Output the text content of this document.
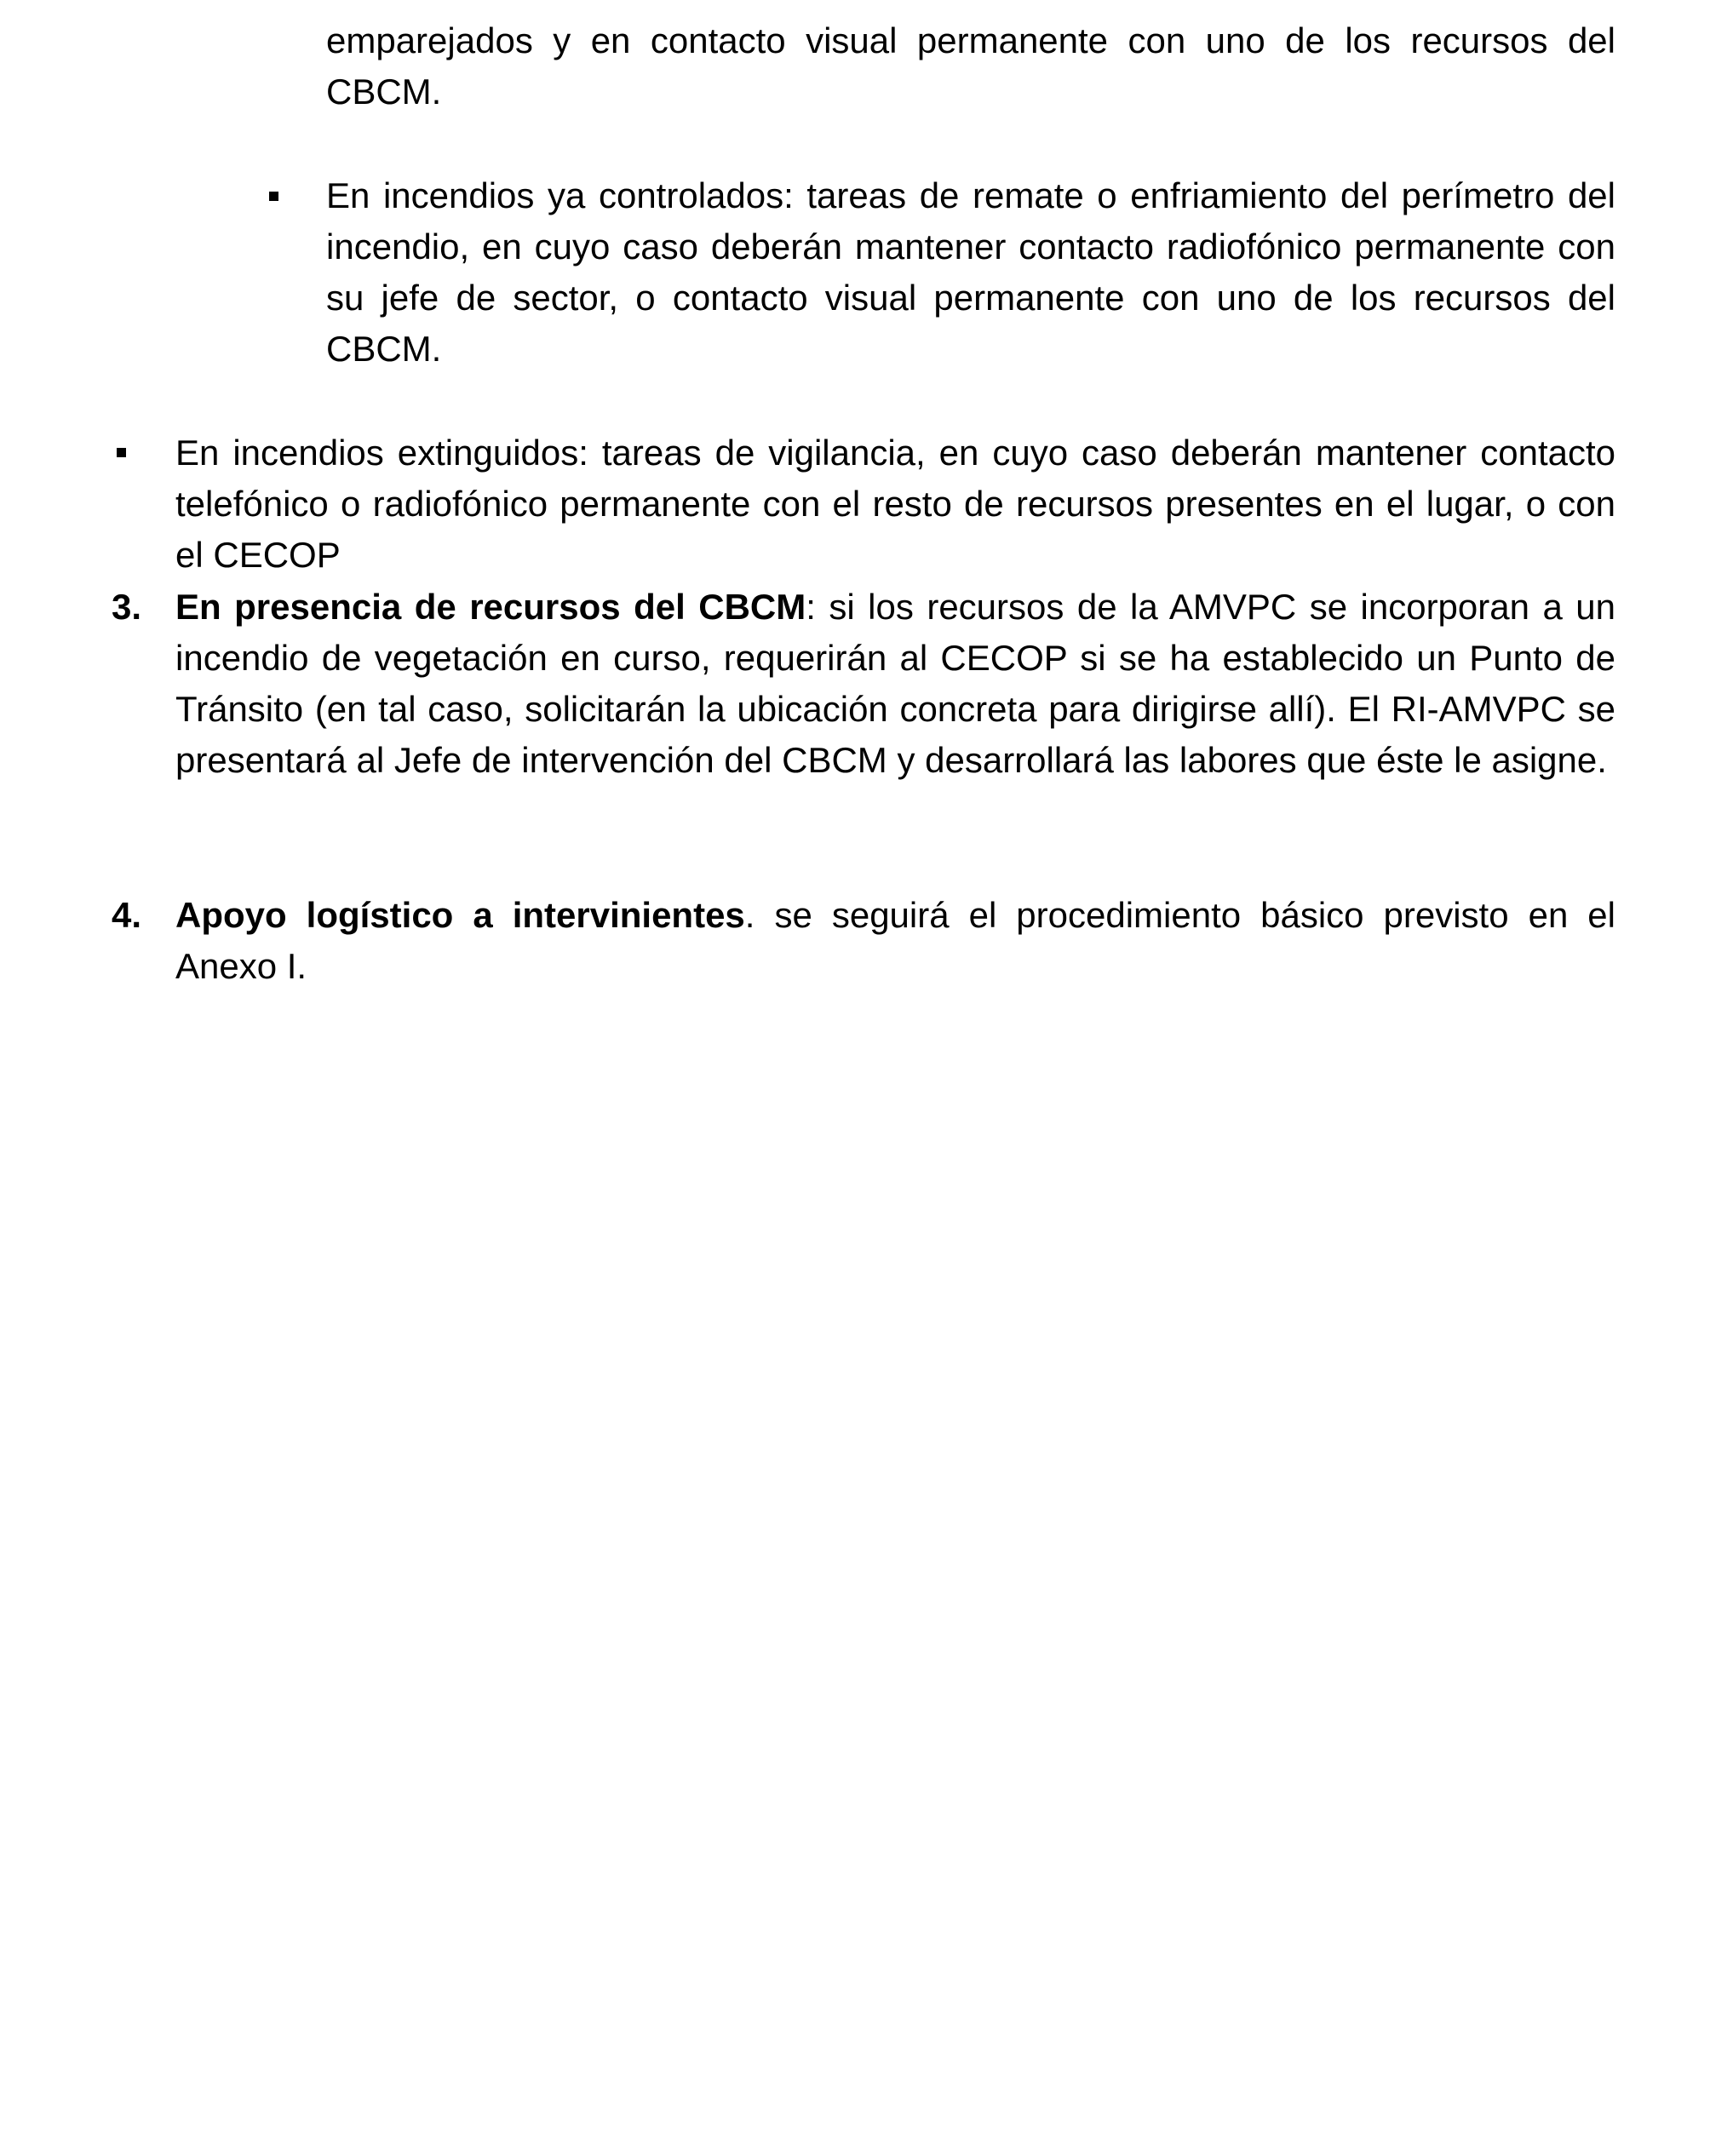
emparejados y en contacto visual permanente con uno de los recursos del CBCM.
En incendios ya controlados: tareas de remate o enfriamiento del perímetro del incendio, en cuyo caso deberán mantener contacto radiofónico permanente con su jefe de sector, o contacto visual permanente con uno de los recursos del CBCM.
En incendios extinguidos: tareas de vigilancia, en cuyo caso deberán mantener contacto telefónico o radiofónico permanente con el resto de recursos presentes en el lugar, o con el CECOP
3. En presencia de recursos del CBCM: si los recursos de la AMVPC se incorporan a un incendio de vegetación en curso, requerirán al CECOP si se ha establecido un Punto de Tránsito (en tal caso, solicitarán la ubicación concreta para dirigirse allí). El RI-AMVPC se presentará al Jefe de intervención del CBCM y desarrollará las labores que éste le asigne.
4. Apoyo logístico a intervinientes. se seguirá el procedimiento básico previsto en el Anexo I.
